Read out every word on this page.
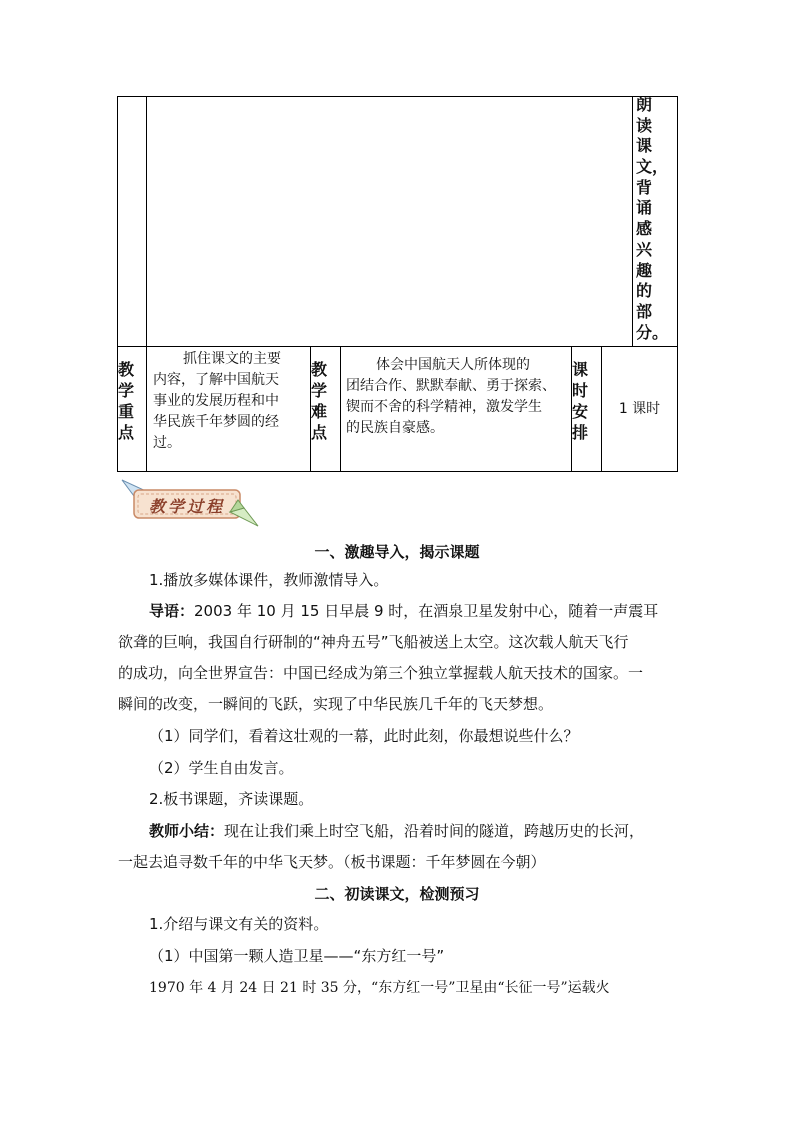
朗
读
课
文，
背
诵
感
兴
趣
的
部
分。
教
学
重
点
抓住课文的主要
内容，了解中国航天
事业的发展历程和中
华民族千年梦圆的经
过。
教
学
难
点
体会中国航天人所体现的
团结合作、默默奉献、勇于探索、
锲而不舍的科学精神，激发学生
的民族自豪感。
课
时
安
排
1 课时
教学过程
一、激趣导入，揭示课题
1.播放多媒体课件，教师激情导入。
导语：2003 年 10 月 15 日早晨 9 时，在酒泉卫星发射中心，随着一声震耳
欲聋的巨响，我国自行研制的“神舟五号”飞船被送上太空。这次载人航天飞行
的成功，向全世界宣告：中国已经成为第三个独立掌握载人航天技术的国家。一
瞬间的改变，一瞬间的飞跃，实现了中华民族几千年的飞天梦想。
（1）同学们，看着这壮观的一幕，此时此刻，你最想说些什么？
（2）学生自由发言。
2.板书课题，齐读课题。
教师小结：现在让我们乘上时空飞船，沿着时间的隧道，跨越历史的长河，
一起去追寻数千年的中华飞天梦。（板书课题：千年梦圆在今朝）
二、初读课文，检测预习
1.介绍与课文有关的资料。
（1）中国第一颗人造卫星——“东方红一号”
1970 年 4 月 24 日 21 时 35 分，“东方红一号”卫星由“长征一号”运载火
